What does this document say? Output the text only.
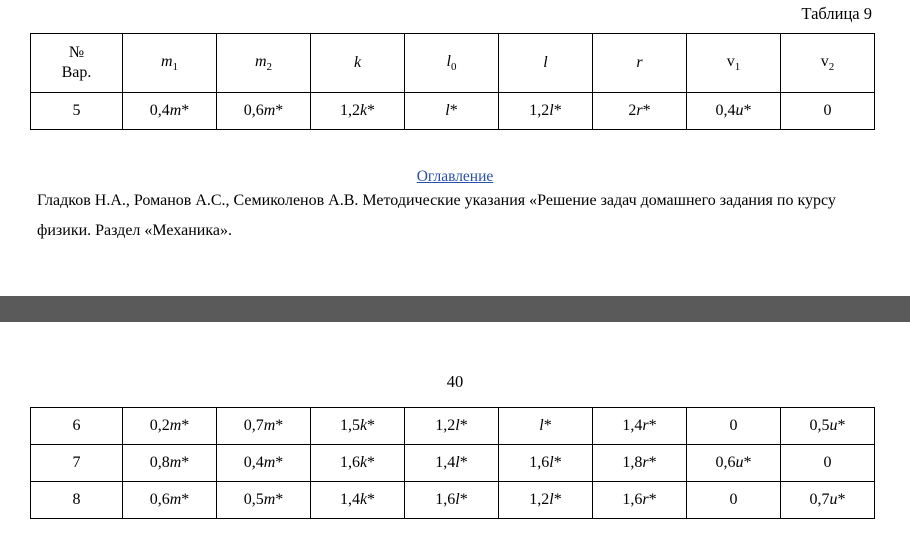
Таблица 9
№
Вар.	$m_1$	$m_2$	k	$l_0$	l	r	$v_1$	$v_2$
5	0,4m*	0,6m*	1,2k*	l*	1,2l*	2r*	0,4u*	0
Оглавление
Гладков Н.А., Романов А.С., Семиколенов А.В. Методические указания «Решение задач домашнего задания по курсу физики. Раздел «Механика».
40
6	0,2m*	0,7m*	1,5k*	1,2l*	l*	1,4r*	0	0,5u*
7	0,8m*	0,4m*	1,6k*	1,4l*	1,6l*	1,8r*	0,6u*	0
8	0,6m*	0,5m*	1,4k*	1,6l*	1,2l*	1,6r*	0	0,7u*
